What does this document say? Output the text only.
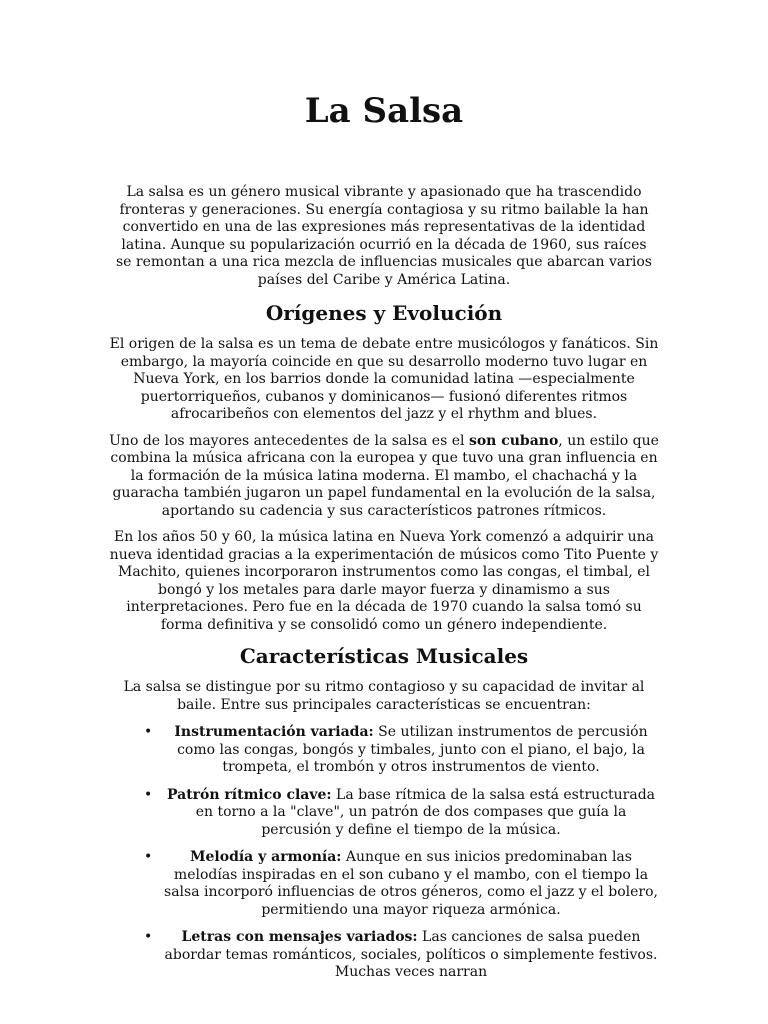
La Salsa

La salsa es un género musical vibrante y apasionado que ha trascendido fronteras y generaciones. Su energía contagiosa y su ritmo bailable la han convertido en una de las expresiones más representativas de la identidad latina. Aunque su popularización ocurrió en la década de 1960, sus raíces se remontan a una rica mezcla de influencias musicales que abarcan varios países del Caribe y América Latina.

Orígenes y Evolución

El origen de la salsa es un tema de debate entre musicólogos y fanáticos. Sin embargo, la mayoría coincide en que su desarrollo moderno tuvo lugar en Nueva York, en los barrios donde la comunidad latina —especialmente puertorriqueños, cubanos y dominicanos— fusionó diferentes ritmos afrocaribeños con elementos del jazz y el rhythm and blues.

Uno de los mayores antecedentes de la salsa es el son cubano, un estilo que combina la música africana con la europea y que tuvo una gran influencia en la formación de la música latina moderna. El mambo, el chachachá y la guaracha también jugaron un papel fundamental en la evolución de la salsa, aportando su cadencia y sus característicos patrones rítmicos.

En los años 50 y 60, la música latina en Nueva York comenzó a adquirir una nueva identidad gracias a la experimentación de músicos como Tito Puente y Machito, quienes incorporaron instrumentos como las congas, el timbal, el bongó y los metales para darle mayor fuerza y dinamismo a sus interpretaciones. Pero fue en la década de 1970 cuando la salsa tomó su forma definitiva y se consolidó como un género independiente.

Características Musicales

La salsa se distingue por su ritmo contagioso y su capacidad de invitar al baile. Entre sus principales características se encuentran:

• Instrumentación variada: Se utilizan instrumentos de percusión como las congas, bongós y timbales, junto con el piano, el bajo, la trompeta, el trombón y otros instrumentos de viento.
• Patrón rítmico clave: La base rítmica de la salsa está estructurada en torno a la "clave", un patrón de dos compases que guía la percusión y define el tiempo de la música.
•	Melodía y armonía: Aunque en sus inicios predominaban las melodías inspiradas en el son cubano y el mambo, con el tiempo la salsa incorporó influencias de otros géneros, como el jazz y el bolero, permitiendo una mayor riqueza armónica.
• Letras con mensajes variados: Las canciones de salsa pueden abordar temas románticos, sociales, políticos o simplemente festivos. Muchas veces narran
